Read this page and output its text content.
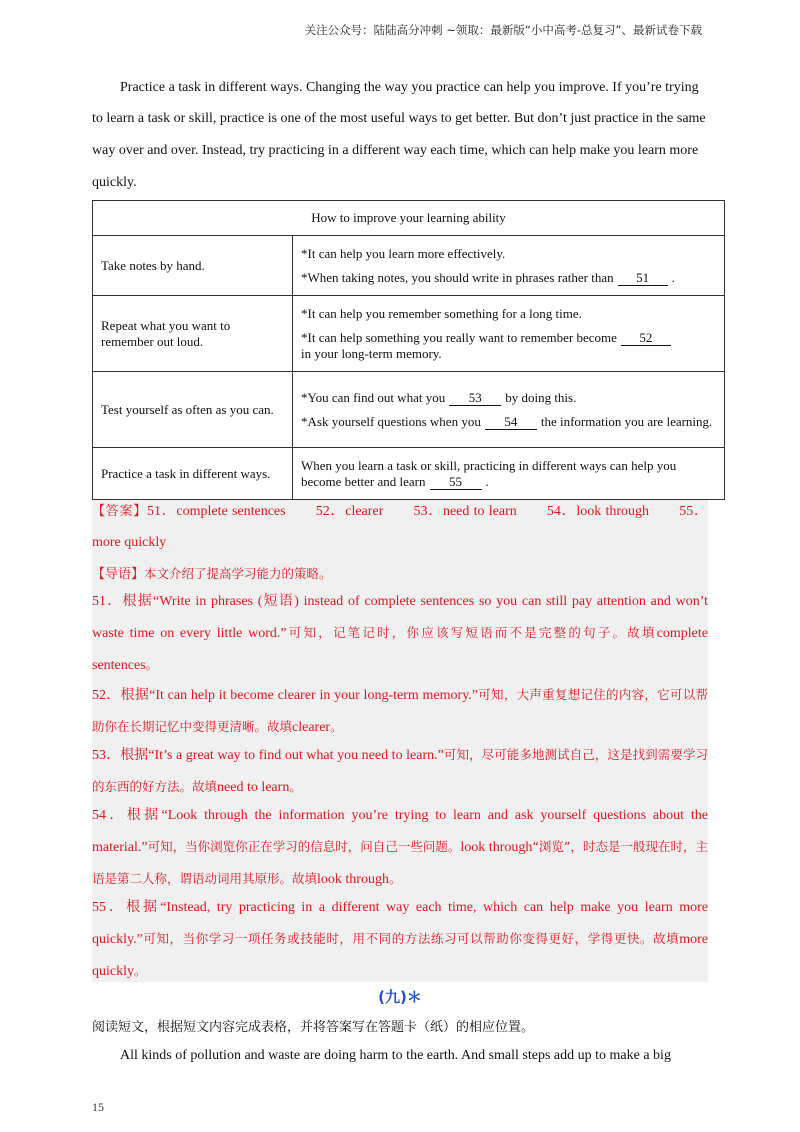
关注公众号：陆陆高分冲刺 ~领取：最新版“小中高考-总复习”、最新试卷下载
Practice a task in different ways. Changing the way you practice can help you improve. If you’re trying
to learn a task or skill, practice is one of the most useful ways to get better. But don’t just practice in the same
way over and over. Instead, try practicing in a different way each time, which can help make you learn more
quickly.
How to improve your learning ability	
Take notes by hand.	*It can help you learn more effectively.
*When taking notes, you should write in phrases rather than 51 .

Repeat what you want to remember out loud.	*It can help you remember something for a long time.
*It can help something you really want to remember become 52
in your long-term memory.

Test yourself as often as you can.	*You can find out what you 53 by doing this.
*Ask yourself questions when you 54 the information you are learning.

Practice a task in different ways.	When you learn a task or skill, practicing in different ways can help you become better and learn 55 .
【答案】51．complete sentences　　52．clearer　　53．need to learn　　54．look through　　55．more quickly
【导语】本文介绍了提高学习能力的策略。
51．根据“Write in phrases (短语) instead of complete sentences so you can still pay attention and won’t waste time on every little word.”可知，记笔记时，你应该写短语而不是完整的句子。故填complete sentences。
52．根据“It can help it become clearer in your long-term memory.”可知，大声重复想记住的内容，它可以帮助你在长期记忆中变得更清晰。故填clearer。
53．根据“It’s a great way to find out what you need to learn.”可知，尽可能多地测试自己，这是找到需要学习的东西的好方法。故填need to learn。
54．根据“Look through the information you’re trying to learn and ask yourself questions about the material.”可知，当你浏览你正在学习的信息时，问自己一些问题。look through“浏览”，时态是一般现在时，主语是第二人称，谓语动词用其原形。故填look through。
55．根据“Instead, try practicing in a different way each time, which can help make you learn more quickly.”可知，当你学习一项任务或技能时，用不同的方法练习可以帮助你变得更好，学得更快。故填more quickly。
(九)＊
阅读短文，根据短文内容完成表格，并将答案写在答题卡（纸）的相应位置。
All kinds of pollution and waste are doing harm to the earth. And small steps add up to make a big
15
